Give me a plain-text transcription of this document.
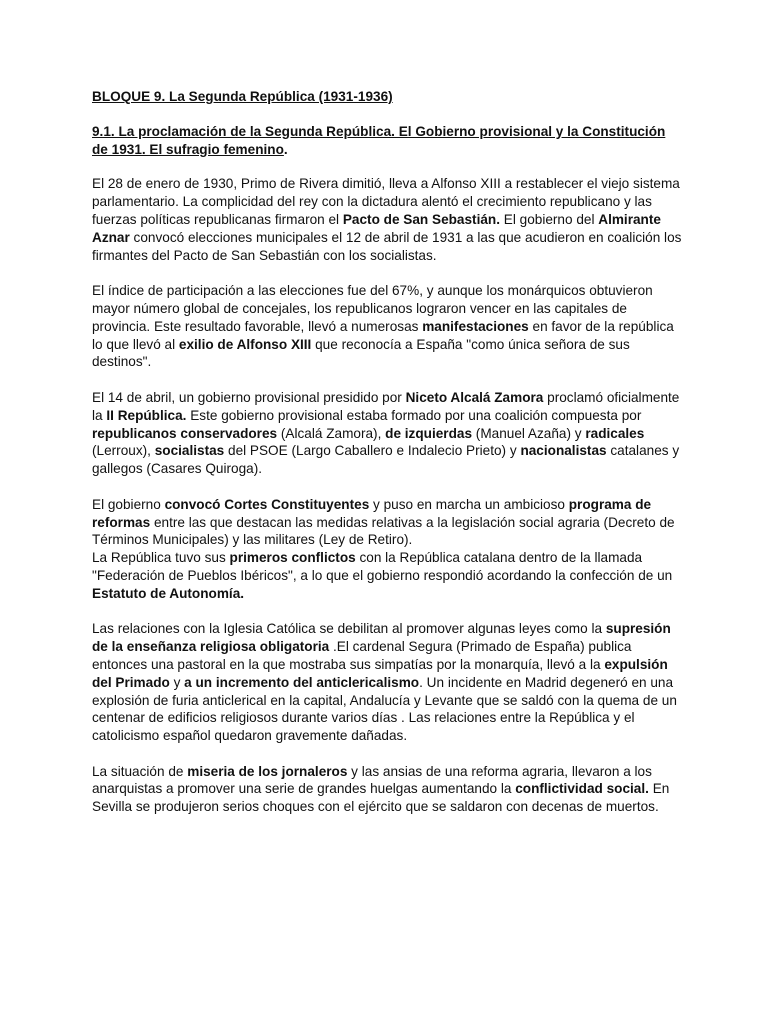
BLOQUE 9. La Segunda República (1931-1936)
9.1. La proclamación de la Segunda República. El Gobierno provisional y la Constitución de 1931. El sufragio femenino.

El 28 de enero de 1930, Primo de Rivera dimitió, lleva a Alfonso XIII a restablecer el viejo sistema parlamentario. La complicidad del rey con la dictadura alentó el crecimiento republicano y las fuerzas políticas republicanas firmaron el Pacto de San Sebastián. El gobierno del Almirante Aznar convocó elecciones municipales el 12 de abril de 1931 a las que acudieron en coalición los firmantes del Pacto de San Sebastián con los socialistas.

El índice de participación a las elecciones fue del 67%, y aunque los monárquicos obtuvieron mayor número global de concejales, los republicanos lograron vencer en las capitales de provincia. Este resultado favorable, llevó a numerosas manifestaciones en favor de la república lo que llevó al exilio de Alfonso XIII que reconocía a España "como única señora de sus destinos".

El 14 de abril, un gobierno provisional presidido por Niceto Alcalá Zamora proclamó oficialmente la II República. Este gobierno provisional estaba formado por una coalición compuesta por republicanos conservadores (Alcalá Zamora), de izquierdas (Manuel Azaña) y radicales (Lerroux), socialistas del PSOE (Largo Caballero e Indalecio Prieto) y nacionalistas catalanes y gallegos (Casares Quiroga).

El gobierno convocó Cortes Constituyentes y puso en marcha un ambicioso programa de reformas entre las que destacan las medidas relativas a la legislación social agraria (Decreto de Términos Municipales) y las militares (Ley de Retiro).

La República tuvo sus primeros conflictos con la República catalana dentro de la llamada "Federación de Pueblos Ibéricos", a lo que el gobierno respondió acordando la confección de un Estatuto de Autonomía.

Las relaciones con la Iglesia Católica se debilitan al promover algunas leyes como la supresión de la enseñanza religiosa obligatoria .El cardenal Segura (Primado de España) publica entonces una pastoral en la que mostraba sus simpatías por la monarquía, llevó a la expulsión del Primado y a un incremento del anticlericalismo. Un incidente en Madrid degeneró en una explosión de furia anticlerical en la capital, Andalucía y Levante que se saldó con la quema de un centenar de edificios religiosos durante varios días . Las relaciones entre la República y el catolicismo español quedaron gravemente dañadas.

La situación de miseria de los jornaleros y las ansias de una reforma agraria, llevaron a los anarquistas a promover una serie de grandes huelgas aumentando la conflictividad social. En Sevilla se produjeron serios choques con el ejército que se saldaron con decenas de muertos.
